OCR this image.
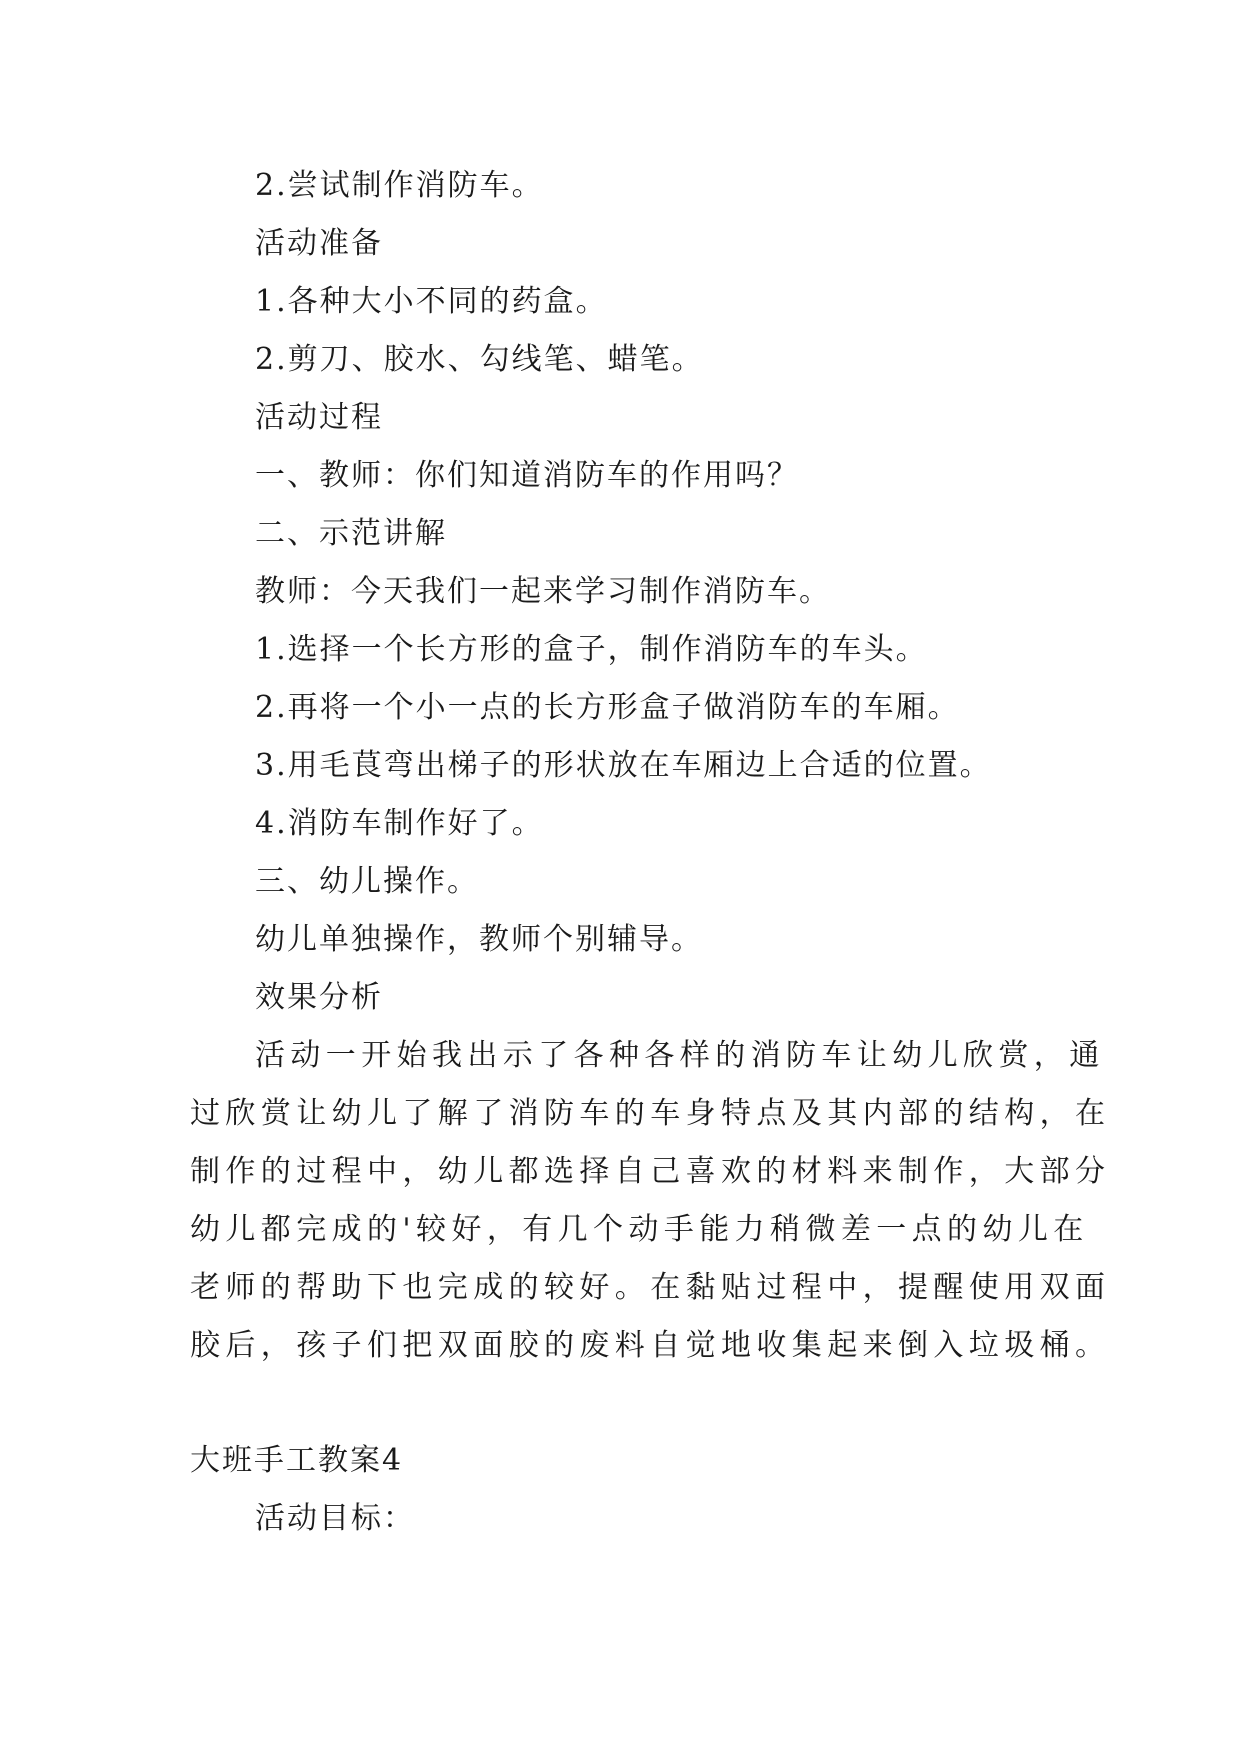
2.尝试制作消防车。
活动准备
1.各种大小不同的药盒。
2.剪刀、胶水、勾线笔、蜡笔。
活动过程
一、教师：你们知道消防车的作用吗？
二、示范讲解
教师：今天我们一起来学习制作消防车。
1.选择一个长方形的盒子，制作消防车的车头。
2.再将一个小一点的长方形盒子做消防车的车厢。
3.用毛茛弯出梯子的形状放在车厢边上合适的位置。
4.消防车制作好了。
三、幼儿操作。
幼儿单独操作，教师个别辅导。
效果分析
活动一开始我出示了各种各样的消防车让幼儿欣赏，通
过欣赏让幼儿了解了消防车的车身特点及其内部的结构，在
制作的过程中，幼儿都选择自己喜欢的材料来制作，大部分
幼儿都完成的'较好，有几个动手能力稍微差一点的幼儿在
老师的帮助下也完成的较好。在黏贴过程中，提醒使用双面
胶后，孩子们把双面胶的废料自觉地收集起来倒入垃圾桶。
大班手工教案4
活动目标：
